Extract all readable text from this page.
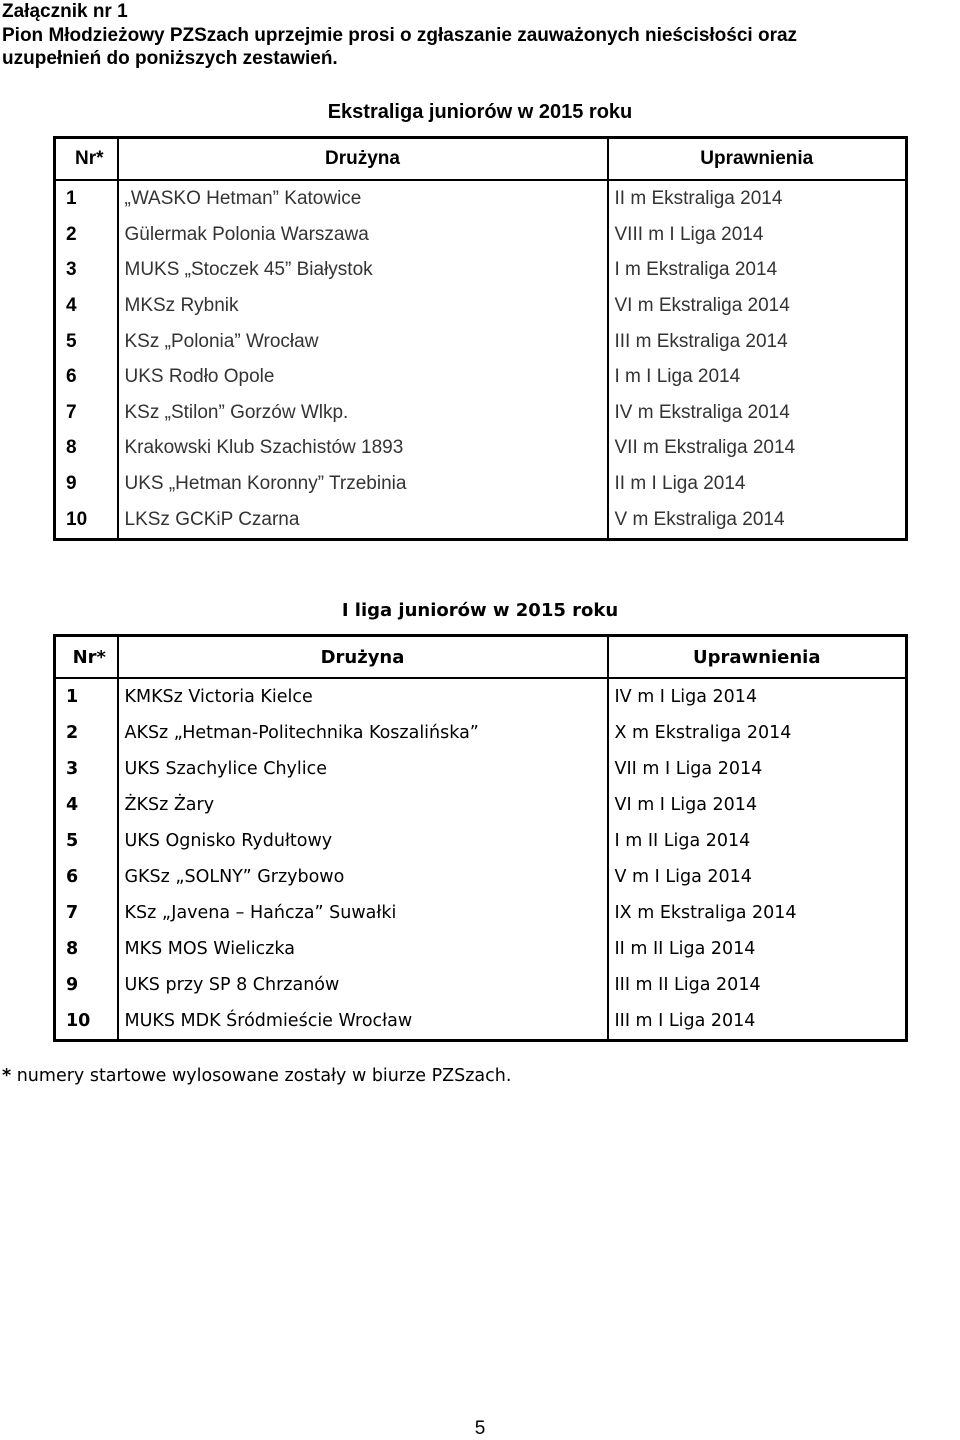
Załącznik nr 1
Pion Młodzieżowy PZSzach uprzejmie prosi o zgłaszanie zauważonych nieścisłości oraz
uzupełnień do poniższych zestawień.
Ekstraliga juniorów w 2015 roku
Nr*	Drużyna	Uprawnienia
1	„WASKO Hetman” Katowice	II m Ekstraliga 2014
2	Gülermak Polonia Warszawa	VIII m I Liga 2014
3	MUKS „Stoczek 45” Białystok	I m Ekstraliga 2014
4	MKSz Rybnik	VI m Ekstraliga 2014
5	KSz „Polonia” Wrocław	III m Ekstraliga 2014
6	UKS Rodło Opole	I m I Liga 2014
7	KSz „Stilon” Gorzów Wlkp.	IV m Ekstraliga 2014
8	Krakowski Klub Szachistów 1893	VII m Ekstraliga 2014
9	UKS „Hetman Koronny” Trzebinia	II m I Liga 2014
10	LKSz GCKiP Czarna	V m Ekstraliga 2014
I liga juniorów w 2015 roku
Nr*	Drużyna	Uprawnienia
1	KMKSz Victoria Kielce	IV m I Liga 2014
2	AKSz „Hetman-Politechnika Koszalińska”	X m Ekstraliga 2014
3	UKS Szachylice Chylice	VII m I Liga 2014
4	ŻKSz Żary	VI m I Liga 2014
5	UKS Ognisko Rydułtowy	I m II Liga 2014
6	GKSz „SOLNY” Grzybowo	V m I Liga 2014
7	KSz „Javena – Hańcza” Suwałki	IX m Ekstraliga 2014
8	MKS MOS Wieliczka	II m II Liga 2014
9	UKS przy SP 8 Chrzanów	III m II Liga 2014
10	MUKS MDK Śródmieście Wrocław	III m I Liga 2014
* numery startowe wylosowane zostały w biurze PZSzach.
5
